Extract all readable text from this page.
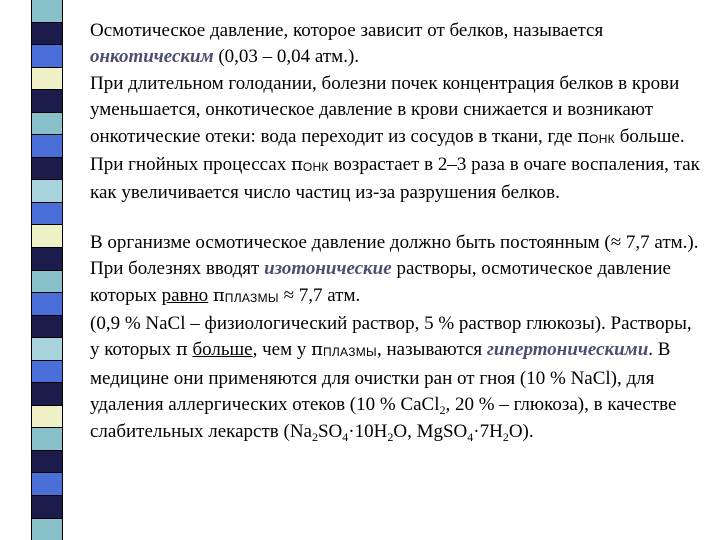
Осмотическое давление, которое зависит от белков, называется онкотическим (0,03 – 0,04 атм.).
При длительном голодании, болезни почек концентрация белков в крови уменьшается, онкотическое давление в крови снижается и возникают онкотические отеки: вода переходит из сосудов в ткани, где πОНК больше. При гнойных процессах πОНК возрастает в 2–3 раза в очаге воспаления, так как увеличивается число частиц из-за разрушения белков.

В организме осмотическое давление должно быть постоянным (≈ 7,7 атм.). При болезнях вводят изотонические растворы, осмотическое давление которых равно πПЛАЗМЫ ≈ 7,7 атм.
(0,9 % NaCl – физиологический раствор, 5 % раствор глюкозы). Растворы, у которых π больше, чем у πПЛАЗМЫ, называются гипертоническими. В медицине они применяются для очистки ран от гноя (10 % NaCl), для удаления аллергических отеков (10 % CaCl$_2$, 20 % – глюкоза), в качестве слабительных лекарств ($Na_2SO_4\cdot 10H_2O$, $MgSO_4\cdot 7H_2O$).
